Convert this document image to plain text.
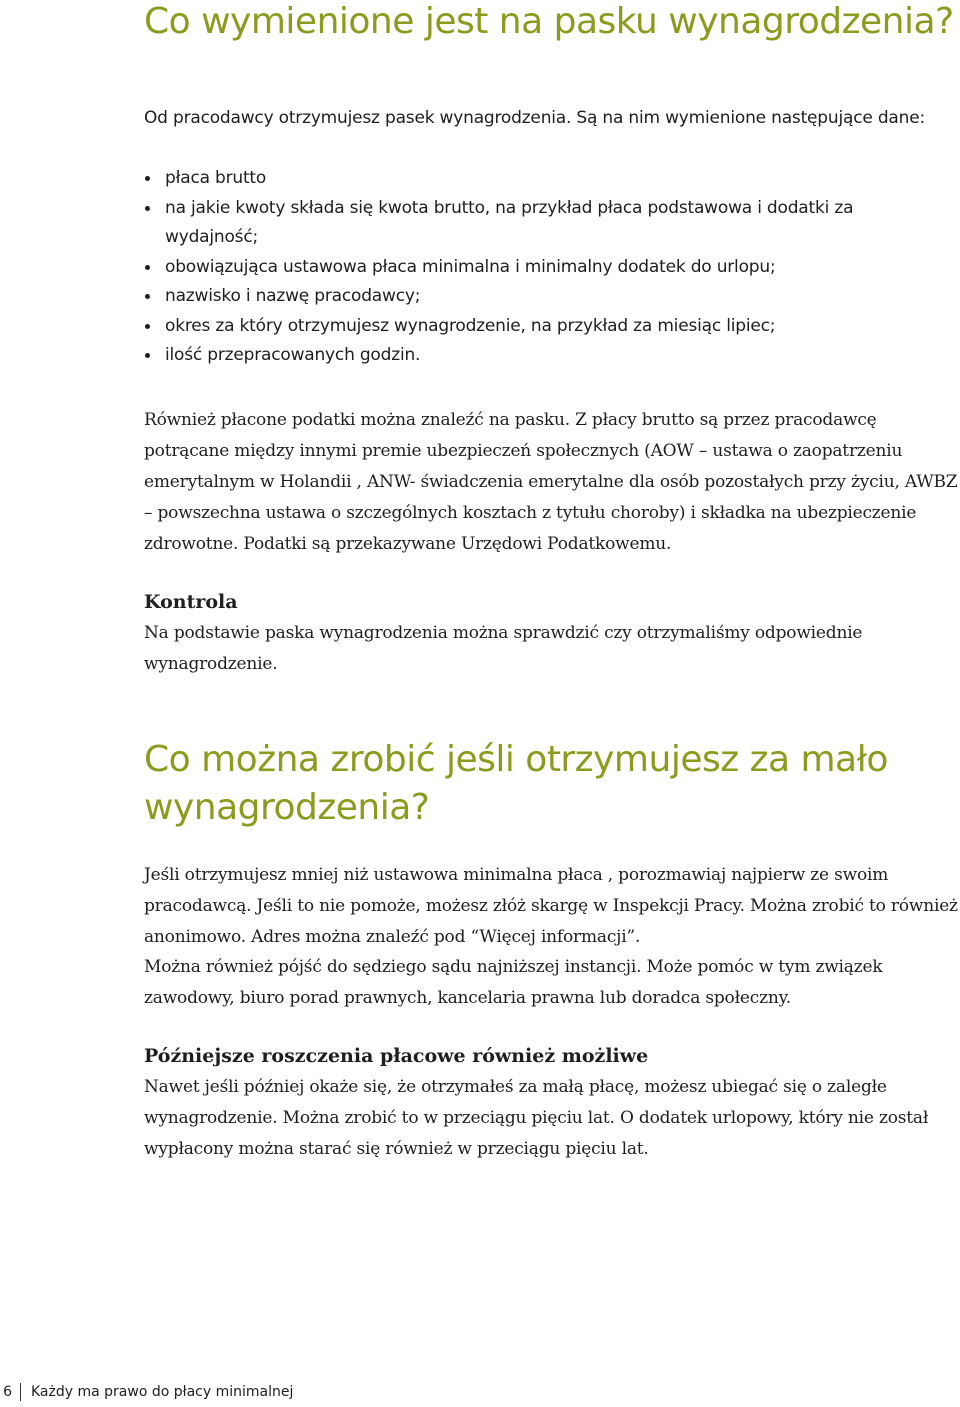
Co wymienione jest na pasku wynagrodzenia?

Od pracodawcy otrzymujesz pasek wynagrodzenia. Są na nim wymienione następujące dane:

płaca brutto
na jakie kwoty składa się kwota brutto, na przykład płaca podstawowa i dodatki za wydajność;
obowiązująca ustawowa płaca minimalna i minimalny dodatek do urlopu;
nazwisko i nazwę pracodawcy;
okres za który otrzymujesz wynagrodzenie, na przykład za miesiąc lipiec;
ilość przepracowanych godzin.

Również płacone podatki można znaleźć na pasku. Z płacy brutto są przez pracodawcę potrącane między innymi premie ubezpieczeń społecznych (AOW – ustawa o zaopatrzeniu emerytalnym w Holandii , ANW- świadczenia emerytalne dla osób pozostałych przy życiu, AWBZ – powszechna ustawa o szczególnych kosztach z tytułu choroby) i składka na ubezpieczenie zdrowotne. Podatki są przekazywane Urzędowi Podatkowemu.

Kontrola

Na podstawie paska wynagrodzenia można sprawdzić czy otrzymaliśmy odpowiednie wynagrodzenie.

Co można zrobić jeśli otrzymujesz za mało wynagrodzenia?

Jeśli otrzymujesz mniej niż ustawowa minimalna płaca , porozmawiaj najpierw ze swoim pracodawcą. Jeśli to nie pomoże, możesz złóż skargę w Inspekcji Pracy. Można zrobić to również anonimowo. Adres można znaleźć pod “Więcej informacji”.

Można również pójść do sędziego sądu najniższej instancji. Może pomóc w tym związek zawodowy, biuro porad prawnych, kancelaria prawna lub doradca społeczny.

Późniejsze roszczenia płacowe również możliwe

Nawet jeśli później okaże się, że otrzymałeś za małą płacę, możesz ubiegać się o zaległe wynagrodzenie. Można zrobić to w przeciągu pięciu lat. O dodatek urlopowy, który nie został wypłacony można starać się również w przeciągu pięciu lat.

6 Każdy ma prawo do płacy minimalnej
